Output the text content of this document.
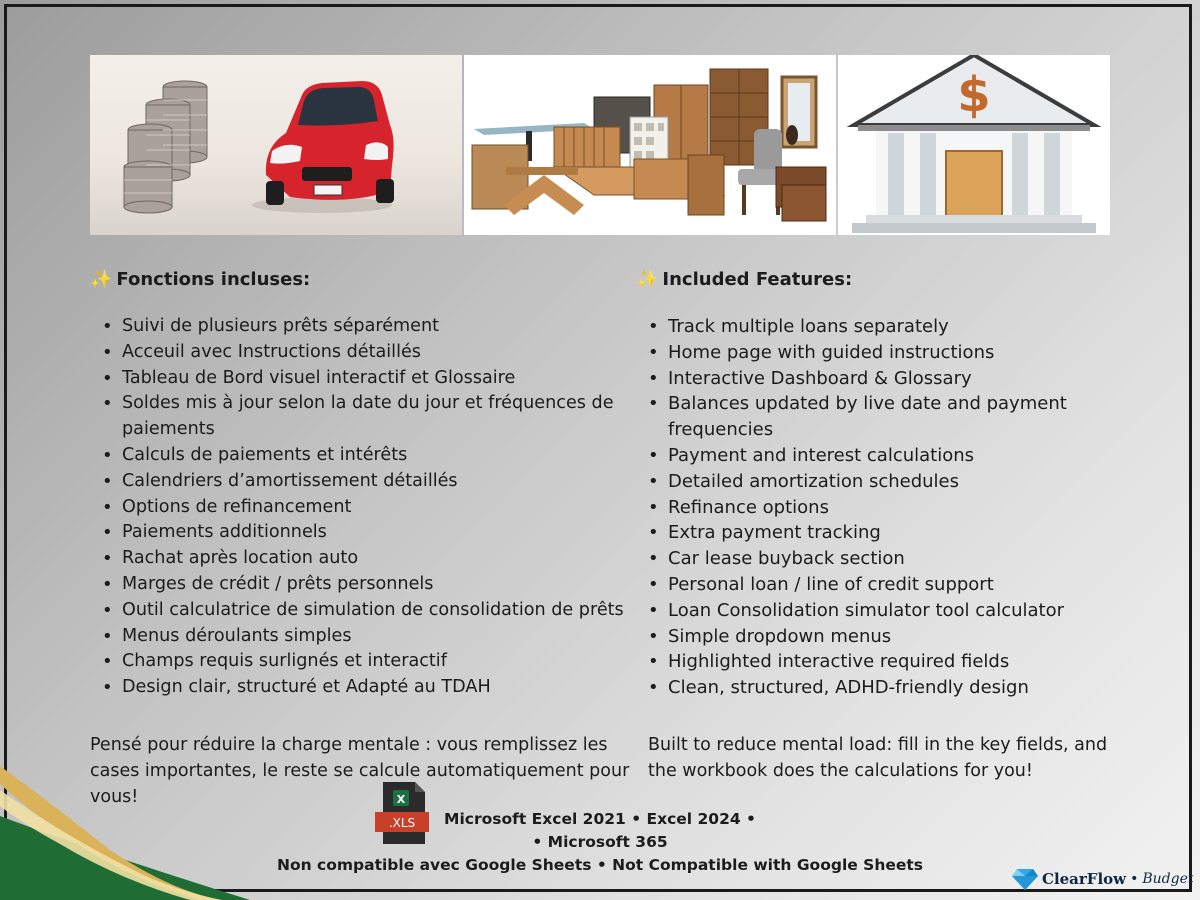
$
✨ Fonctions incluses:
• Suivi de plusieurs prêts séparément
• Acceuil avec Instructions détaillés
• Tableau de Bord visuel interactif et Glossaire
• Soldes mis à jour selon la date du jour et fréquences de paiements
• Calculs de paiements et intérêts
• Calendriers d’amortissement détaillés
• Options de refinancement
• Paiements additionnels
• Rachat après location auto
• Marges de crédit / prêts personnels
• Outil calculatrice de simulation de consolidation de prêts
• Menus déroulants simples
• Champs requis surlignés et interactif
• Design clair, structuré et Adapté au TDAH
✨ Included Features:
• Track multiple loans separately
• Home page with guided instructions
• Interactive Dashboard & Glossary
• Balances updated by live date and payment frequencies
• Payment and interest calculations
• Detailed amortization schedules
• Refinance options
• Extra payment tracking
• Car lease buyback section
• Personal loan / line of credit support
• Loan Consolidation simulator tool calculator
• Simple dropdown menus
• Highlighted interactive required fields
• Clean, structured, ADHD-friendly design
Pensé pour réduire la charge mentale : vous remplissez les cases importantes, le reste se calcule automatiquement pour vous!
Built to reduce mental load: fill in the key fields, and the workbook does the calculations for you!
X
.XLS	Microsoft Excel 2021 • Excel 2024 •
• Microsoft 365
Non compatible avec Google Sheets • Not Compatible with Google Sheets
ClearFlow • Budget
